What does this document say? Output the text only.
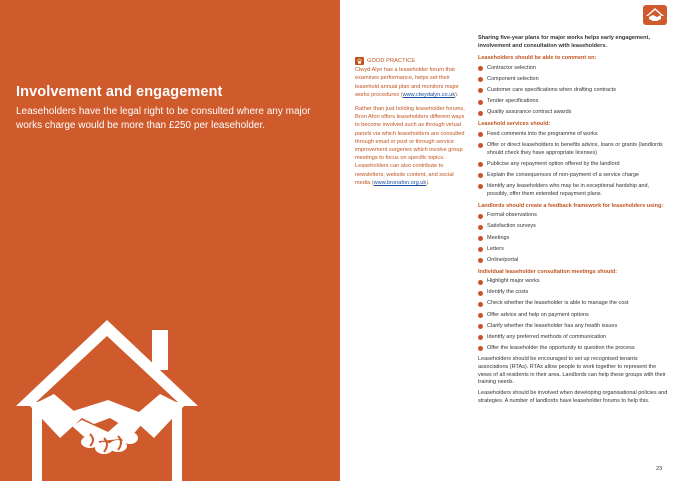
Involvement and engagement
Leaseholders have the legal right to be consulted where any major works charge would be more than £250 per leaseholder.
GOOD PRACTICE

Clwyd Alyn has a leaseholder forum that examines performance, helps set their leasehold annual plan and monitors major works procedures (www.clwydalyn.co.uk).

Rather than just holding leaseholder forums, Bron Afon offers leaseholders different ways to become involved such as through virtual panels via which leaseholders are consulted through email or post or through service improvement surgeries which involve group meetings to focus on specific topics. Leaseholders can also contribute to newsletters, website content, and social media (www.bronafon.org.uk).

Sharing five-year plans for major works helps early engagement, involvement and consultation with leaseholders.
Leaseholders should be able to comment on:
Contractor selection
Component selection
Customer care specifications when drafting contracts
Tender specifications
Quality assurance contract awards
Leasehold services should:
Feed comments into the programme of works
Offer or direct leaseholders to benefits advice, loans or grants (landlords should check they have appropriate licenses)
Publicise any repayment option offered by the landlord
Explain the consequences of non-payment of a service charge
Identify any leaseholders who may be in exceptional hardship and, possibly, offer them extended repayment plans.
Landlords should create a feedback framework for leaseholders using:
Formal observations
Satisfaction surveys
Meetings
Letters
Online/portal
Individual leaseholder consultation meetings should:
Highlight major works
Identify the costs
Check whether the leaseholder is able to manage the cost
Offer advice and help on payment options
Clarify whether the leaseholder has any health issues
Identify any preferred methods of communication
Offer the leaseholder the opportunity to question the process
Leaseholders should be encouraged to set up recognised tenants associations (RTAs). RTAs allow people to work together to represent the views of all residents in their area. Landlords can help these groups with their training needs.
Leaseholders should be involved when developing organisational policies and strategies. A number of landlords have leaseholder forums to help this.
23
